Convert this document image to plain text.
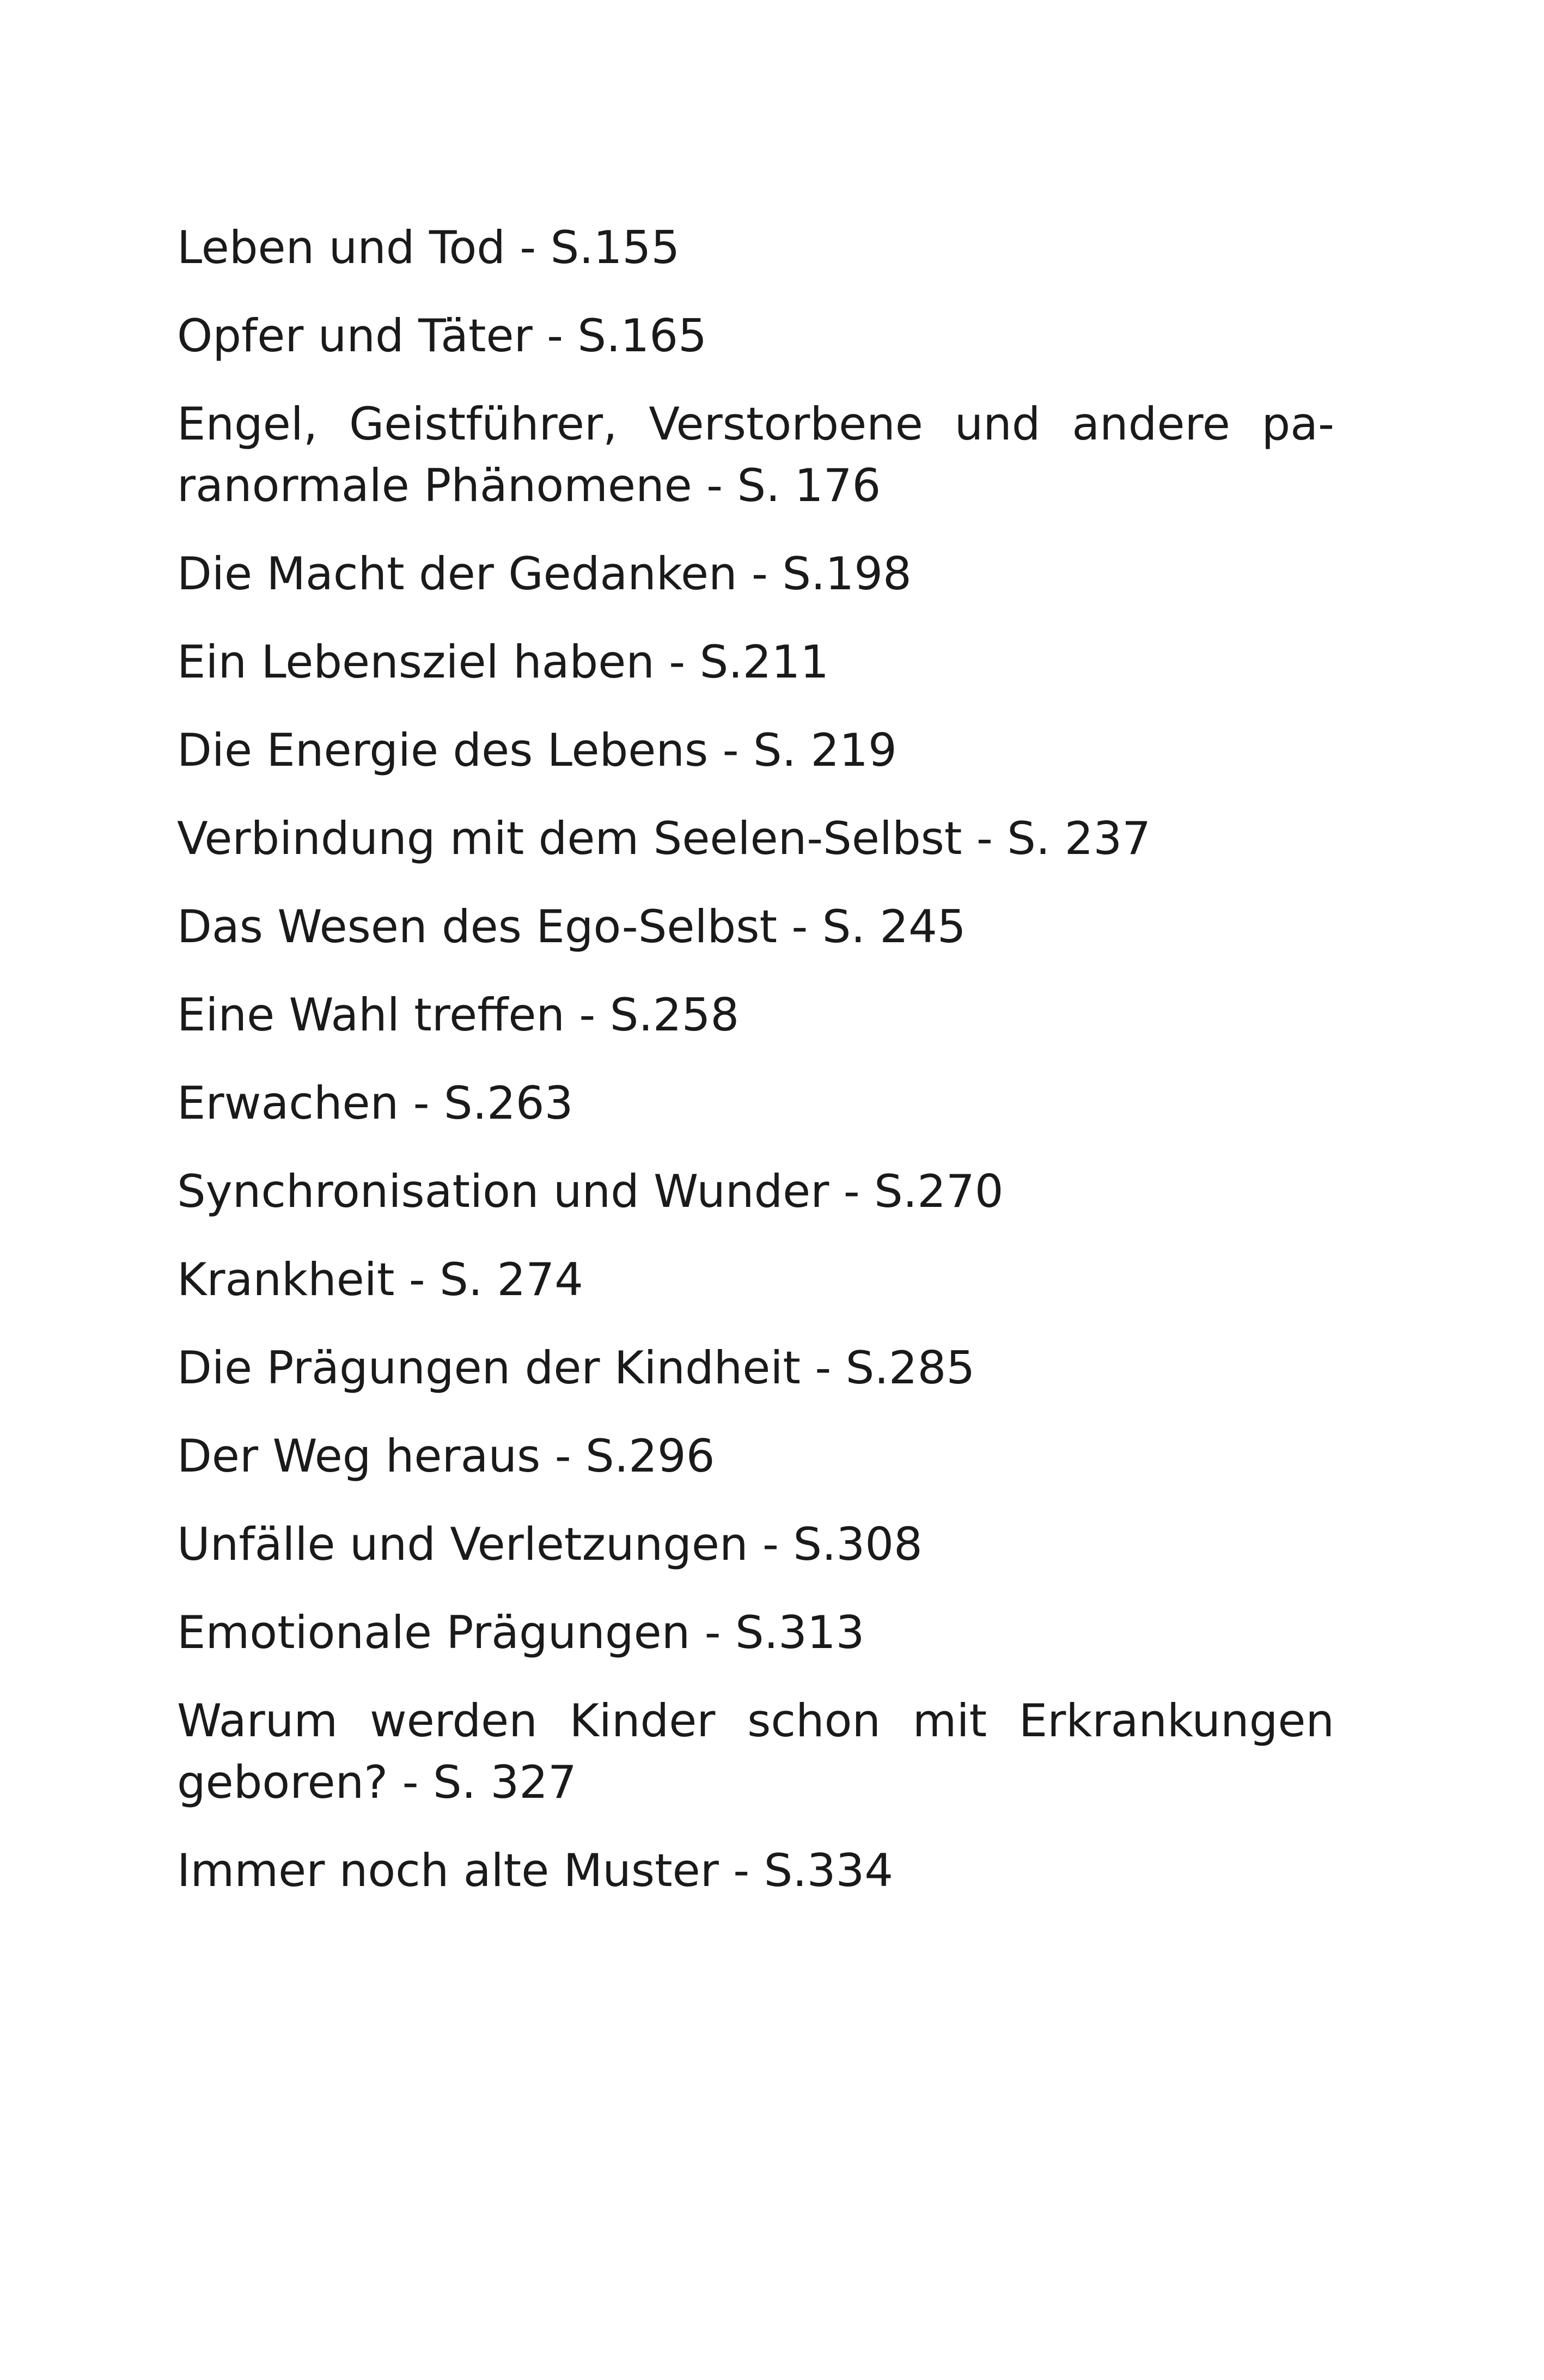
Leben und Tod - S.155
Opfer und Täter - S.165
Engel, Geistführer, Verstorbene und andere pa-ranormale Phänomene - S. 176
Die Macht der Gedanken - S.198
Ein Lebensziel haben - S.211
Die Energie des Lebens - S. 219
Verbindung mit dem Seelen-Selbst - S. 237
Das Wesen des Ego-Selbst - S. 245
Eine Wahl treffen - S.258
Erwachen - S.263
Synchronisation und Wunder - S.270
Krankheit - S. 274
Die Prägungen der Kindheit - S.285
Der Weg heraus - S.296
Unfälle und Verletzungen - S.308
Emotionale Prägungen - S.313
Warum werden Kinder schon mit Erkrankungen geboren? - S. 327
Immer noch alte Muster - S.334
